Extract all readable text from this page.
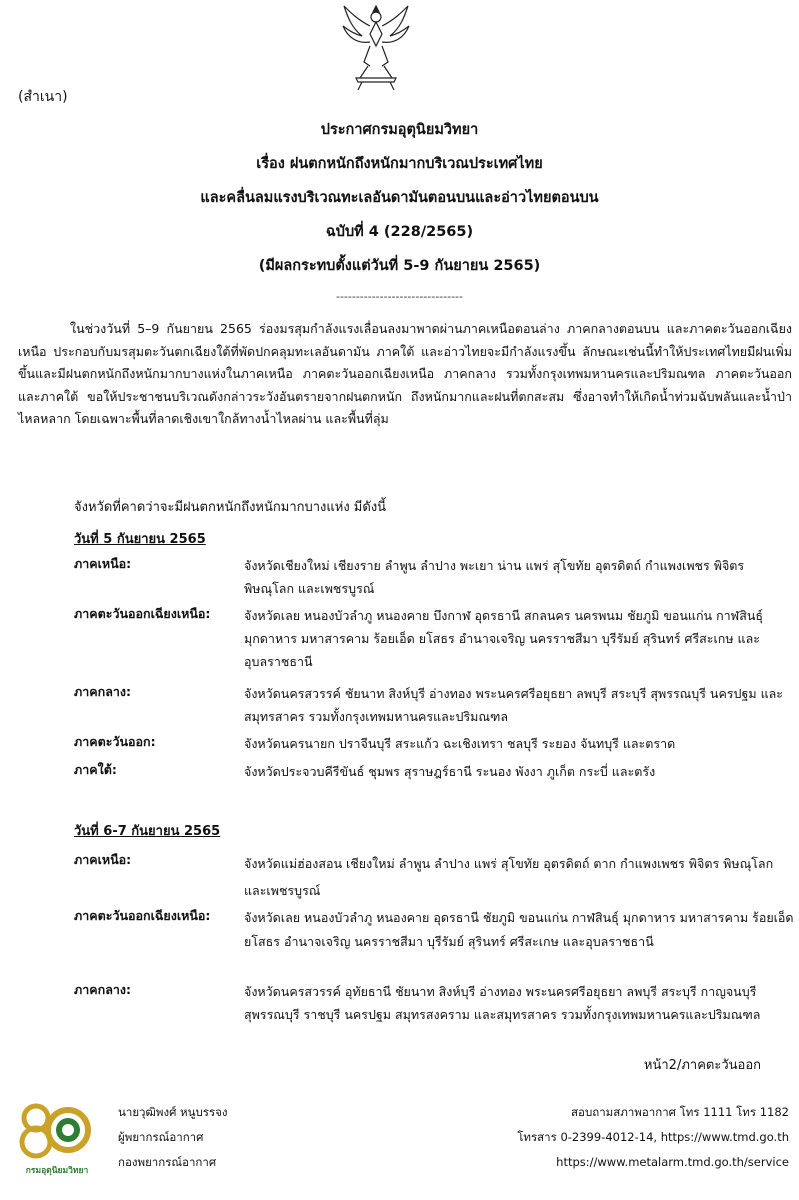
(สำเนา)
ประกาศกรมอุตุนิยมวิทยา
เรื่อง ฝนตกหนักถึงหนักมากบริเวณประเทศไทย
และคลื่นลมแรงบริเวณทะเลอันดามันตอนบนและอ่าวไทยตอนบน
ฉบับที่ 4 (228/2565)
(มีผลกระทบตั้งแต่วันที่ 5-9 กันยายน 2565)
--------------------------------

ในช่วงวันที่ 5–9 กันยายน 2565 ร่องมรสุมกำลังแรงเลื่อนลงมาพาดผ่านภาคเหนือตอนล่าง ภาคกลางตอนบน และภาคตะวันออกเฉียงเหนือ ประกอบกับมรสุมตะวันตกเฉียงใต้ที่พัดปกคลุมทะเลอันดามัน ภาคใต้ และอ่าวไทยจะมีกำลังแรงขึ้น ลักษณะเช่นนี้ทำให้ประเทศไทยมีฝนเพิ่มขึ้นและมีฝนตกหนักถึงหนักมากบางแห่งในภาคเหนือ ภาคตะวันออกเฉียงเหนือ ภาคกลาง รวมทั้งกรุงเทพมหานครและปริมณฑล ภาคตะวันออก และภาคใต้ ขอให้ประชาชนบริเวณดังกล่าวระวังอันตรายจากฝนตกหนัก ถึงหนักมากและฝนที่ตกสะสม ซึ่งอาจทำให้เกิดน้ำท่วมฉับพลันและน้ำป่าไหลหลาก โดยเฉพาะพื้นที่ลาดเชิงเขาใกล้ทางน้ำไหลผ่าน และพื้นที่ลุ่ม

จังหวัดที่คาดว่าจะมีฝนตกหนักถึงหนักมากบางแห่ง มีดังนี้
วันที่ 5 กันยายน 2565
ภาคเหนือ:	จังหวัดเชียงใหม่ เชียงราย ลำพูน ลำปาง พะเยา น่าน แพร่ สุโขทัย อุตรดิตถ์ กำแพงเพชร พิจิตร พิษณุโลก และเพชรบูรณ์

ภาคตะวันออกเฉียงเหนือ:	จังหวัดเลย หนองบัวลำภู หนองคาย บึงกาฬ อุดรธานี สกลนคร นครพนม ชัยภูมิ ขอนแก่น กาฬสินธุ์ มุกดาหาร มหาสารคาม ร้อยเอ็ด ยโสธร อำนาจเจริญ นครราชสีมา บุรีรัมย์ สุรินทร์ ศรีสะเกษ และอุบลราชธานี

ภาคกลาง:	จังหวัดนครสวรรค์ ชัยนาท สิงห์บุรี อ่างทอง พระนครศรีอยุธยา ลพบุรี สระบุรี สุพรรณบุรี นครปฐม และสมุทรสาคร รวมทั้งกรุงเทพมหานครและปริมณฑล

ภาคตะวันออก:	จังหวัดนครนายก ปราจีนบุรี สระแก้ว ฉะเชิงเทรา ชลบุรี ระยอง จันทบุรี และตราด

ภาคใต้:	จังหวัดประจวบคีรีขันธ์ ชุมพร สุราษฎร์ธานี ระนอง พังงา ภูเก็ต กระบี่ และตรัง

วันที่ 6-7 กันยายน 2565
ภาคเหนือ:	จังหวัดแม่ฮ่องสอน เชียงใหม่ ลำพูน ลำปาง แพร่ สุโขทัย อุตรดิตถ์ ตาก กำแพงเพชร พิจิตร พิษณุโลก และเพชรบูรณ์

ภาคตะวันออกเฉียงเหนือ:	จังหวัดเลย หนองบัวลำภู หนองคาย อุดรธานี ชัยภูมิ ขอนแก่น กาฬสินธุ์ มุกดาหาร มหาสารคาม ร้อยเอ็ด ยโสธร อำนาจเจริญ นครราชสีมา บุรีรัมย์ สุรินทร์ ศรีสะเกษ และอุบลราชธานี

ภาคกลาง:	จังหวัดนครสวรรค์ อุทัยธานี ชัยนาท สิงห์บุรี อ่างทอง พระนครศรีอยุธยา ลพบุรี สระบุรี กาญจนบุรี สุพรรณบุรี ราชบุรี นครปฐม สมุทรสงคราม และสมุทรสาคร รวมทั้งกรุงเทพมหานครและปริมณฑล

หน้า2/ภาคตะวันออก
กรมอุตุนิยมวิทยา
นายวุฒิพงศ์ หนูบรรจง
ผู้พยากรณ์อากาศ
กองพยากรณ์อากาศ
สอบถามสภาพอากาศ โทร 1111 โทร 1182
โทรสาร 0-2399-4012-14, https://www.tmd.go.th
https://www.metalarm.tmd.go.th/service
